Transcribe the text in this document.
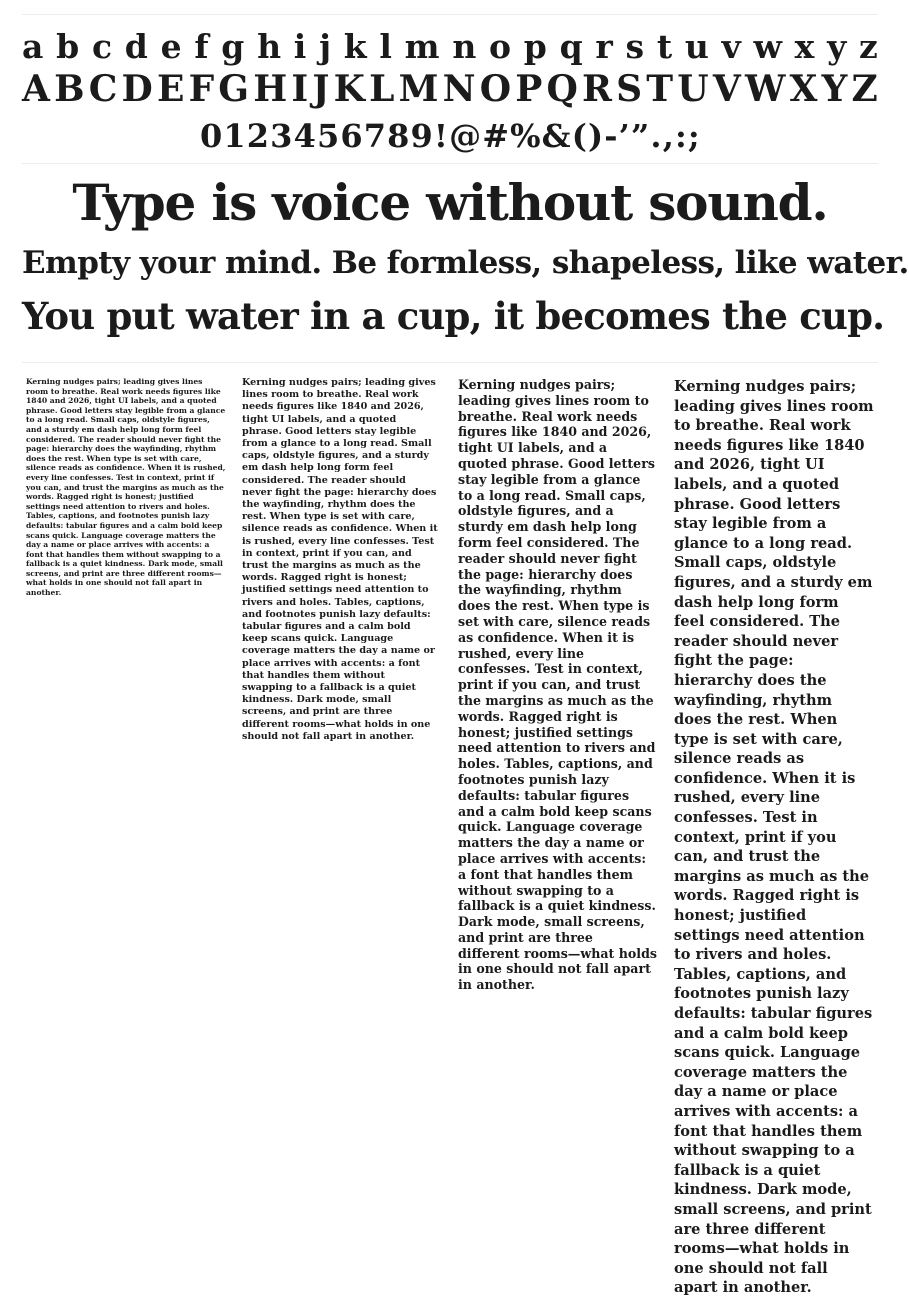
a b c d e f g h i j k l m n o p q r s t u v w x y z
A B C D E F G H I J K L M N O P Q R S T U V W X Y Z
0 1 2 3 4 5 6 7 8 9 ! @ # % & ( ) - ’ ” . , : ;
Type is voice without sound.
Empty your mind. Be formless, shapeless, like water.
You put water in a cup, it becomes the cup.
Kerning nudges pairs; leading gives lines room to breathe. Real work needs figures like 1840 and 2026, tight UI labels, and a quoted phrase. Good letters stay legible from a glance to a long read. Small caps, oldstyle figures, and a sturdy em dash help long form feel considered. The reader should never fight the page: hierarchy does the wayfinding, rhythm does the rest. When type is set with care, silence reads as confidence. When it is rushed, every line confesses. Test in context, print if you can, and trust the margins as much as the words. Ragged right is honest; justified settings need attention to rivers and holes. Tables, captions, and footnotes punish lazy defaults: tabular figures and a calm bold keep scans quick. Language coverage matters the day a name or place arrives with accents: a font that handles them without swapping to a fallback is a quiet kindness. Dark mode, small screens, and print are three different rooms—what holds in one should not fall apart in another.
Kerning nudges pairs; leading gives lines room to breathe. Real work needs figures like 1840 and 2026, tight UI labels, and a quoted phrase. Good letters stay legible from a glance to a long read. Small caps, oldstyle figures, and a sturdy em dash help long form feel considered. The reader should never fight the page: hierarchy does the wayfinding, rhythm does the rest. When type is set with care, silence reads as confidence. When it is rushed, every line confesses. Test in context, print if you can, and trust the margins as much as the words. Ragged right is honest; justified settings need attention to rivers and holes. Tables, captions, and footnotes punish lazy defaults: tabular figures and a calm bold keep scans quick. Language coverage matters the day a name or place arrives with accents: a font that handles them without swapping to a fallback is a quiet kindness. Dark mode, small screens, and print are three different rooms—what holds in one should not fall apart in another.
Kerning nudges pairs; leading gives lines room to breathe. Real work needs figures like 1840 and 2026, tight UI labels, and a quoted phrase. Good letters stay legible from a glance to a long read. Small caps, oldstyle figures, and a sturdy em dash help long form feel considered. The reader should never fight the page: hierarchy does the wayfinding, rhythm does the rest. When type is set with care, silence reads as confidence. When it is rushed, every line confesses. Test in context, print if you can, and trust the margins as much as the words. Ragged right is honest; justified settings need attention to rivers and holes. Tables, captions, and footnotes punish lazy defaults: tabular figures and a calm bold keep scans quick. Language coverage matters the day a name or place arrives with accents: a font that handles them without swapping to a fallback is a quiet kindness. Dark mode, small screens, and print are three different rooms—what holds in one should not fall apart in another.
Kerning nudges pairs; leading gives lines room to breathe. Real work needs figures like 1840 and 2026, tight UI labels, and a quoted phrase. Good letters stay legible from a glance to a long read. Small caps, oldstyle figures, and a sturdy em dash help long form feel considered. The reader should never fight the page: hierarchy does the wayfinding, rhythm does the rest. When type is set with care, silence reads as confidence. When it is rushed, every line confesses. Test in context, print if you can, and trust the margins as much as the words. Ragged right is honest; justified settings need attention to rivers and holes. Tables, captions, and footnotes punish lazy defaults: tabular figures and a calm bold keep scans quick. Language coverage matters the day a name or place arrives with accents: a font that handles them without swapping to a fallback is a quiet kindness. Dark mode, small screens, and print are three different rooms—what holds in one should not fall apart in another.
